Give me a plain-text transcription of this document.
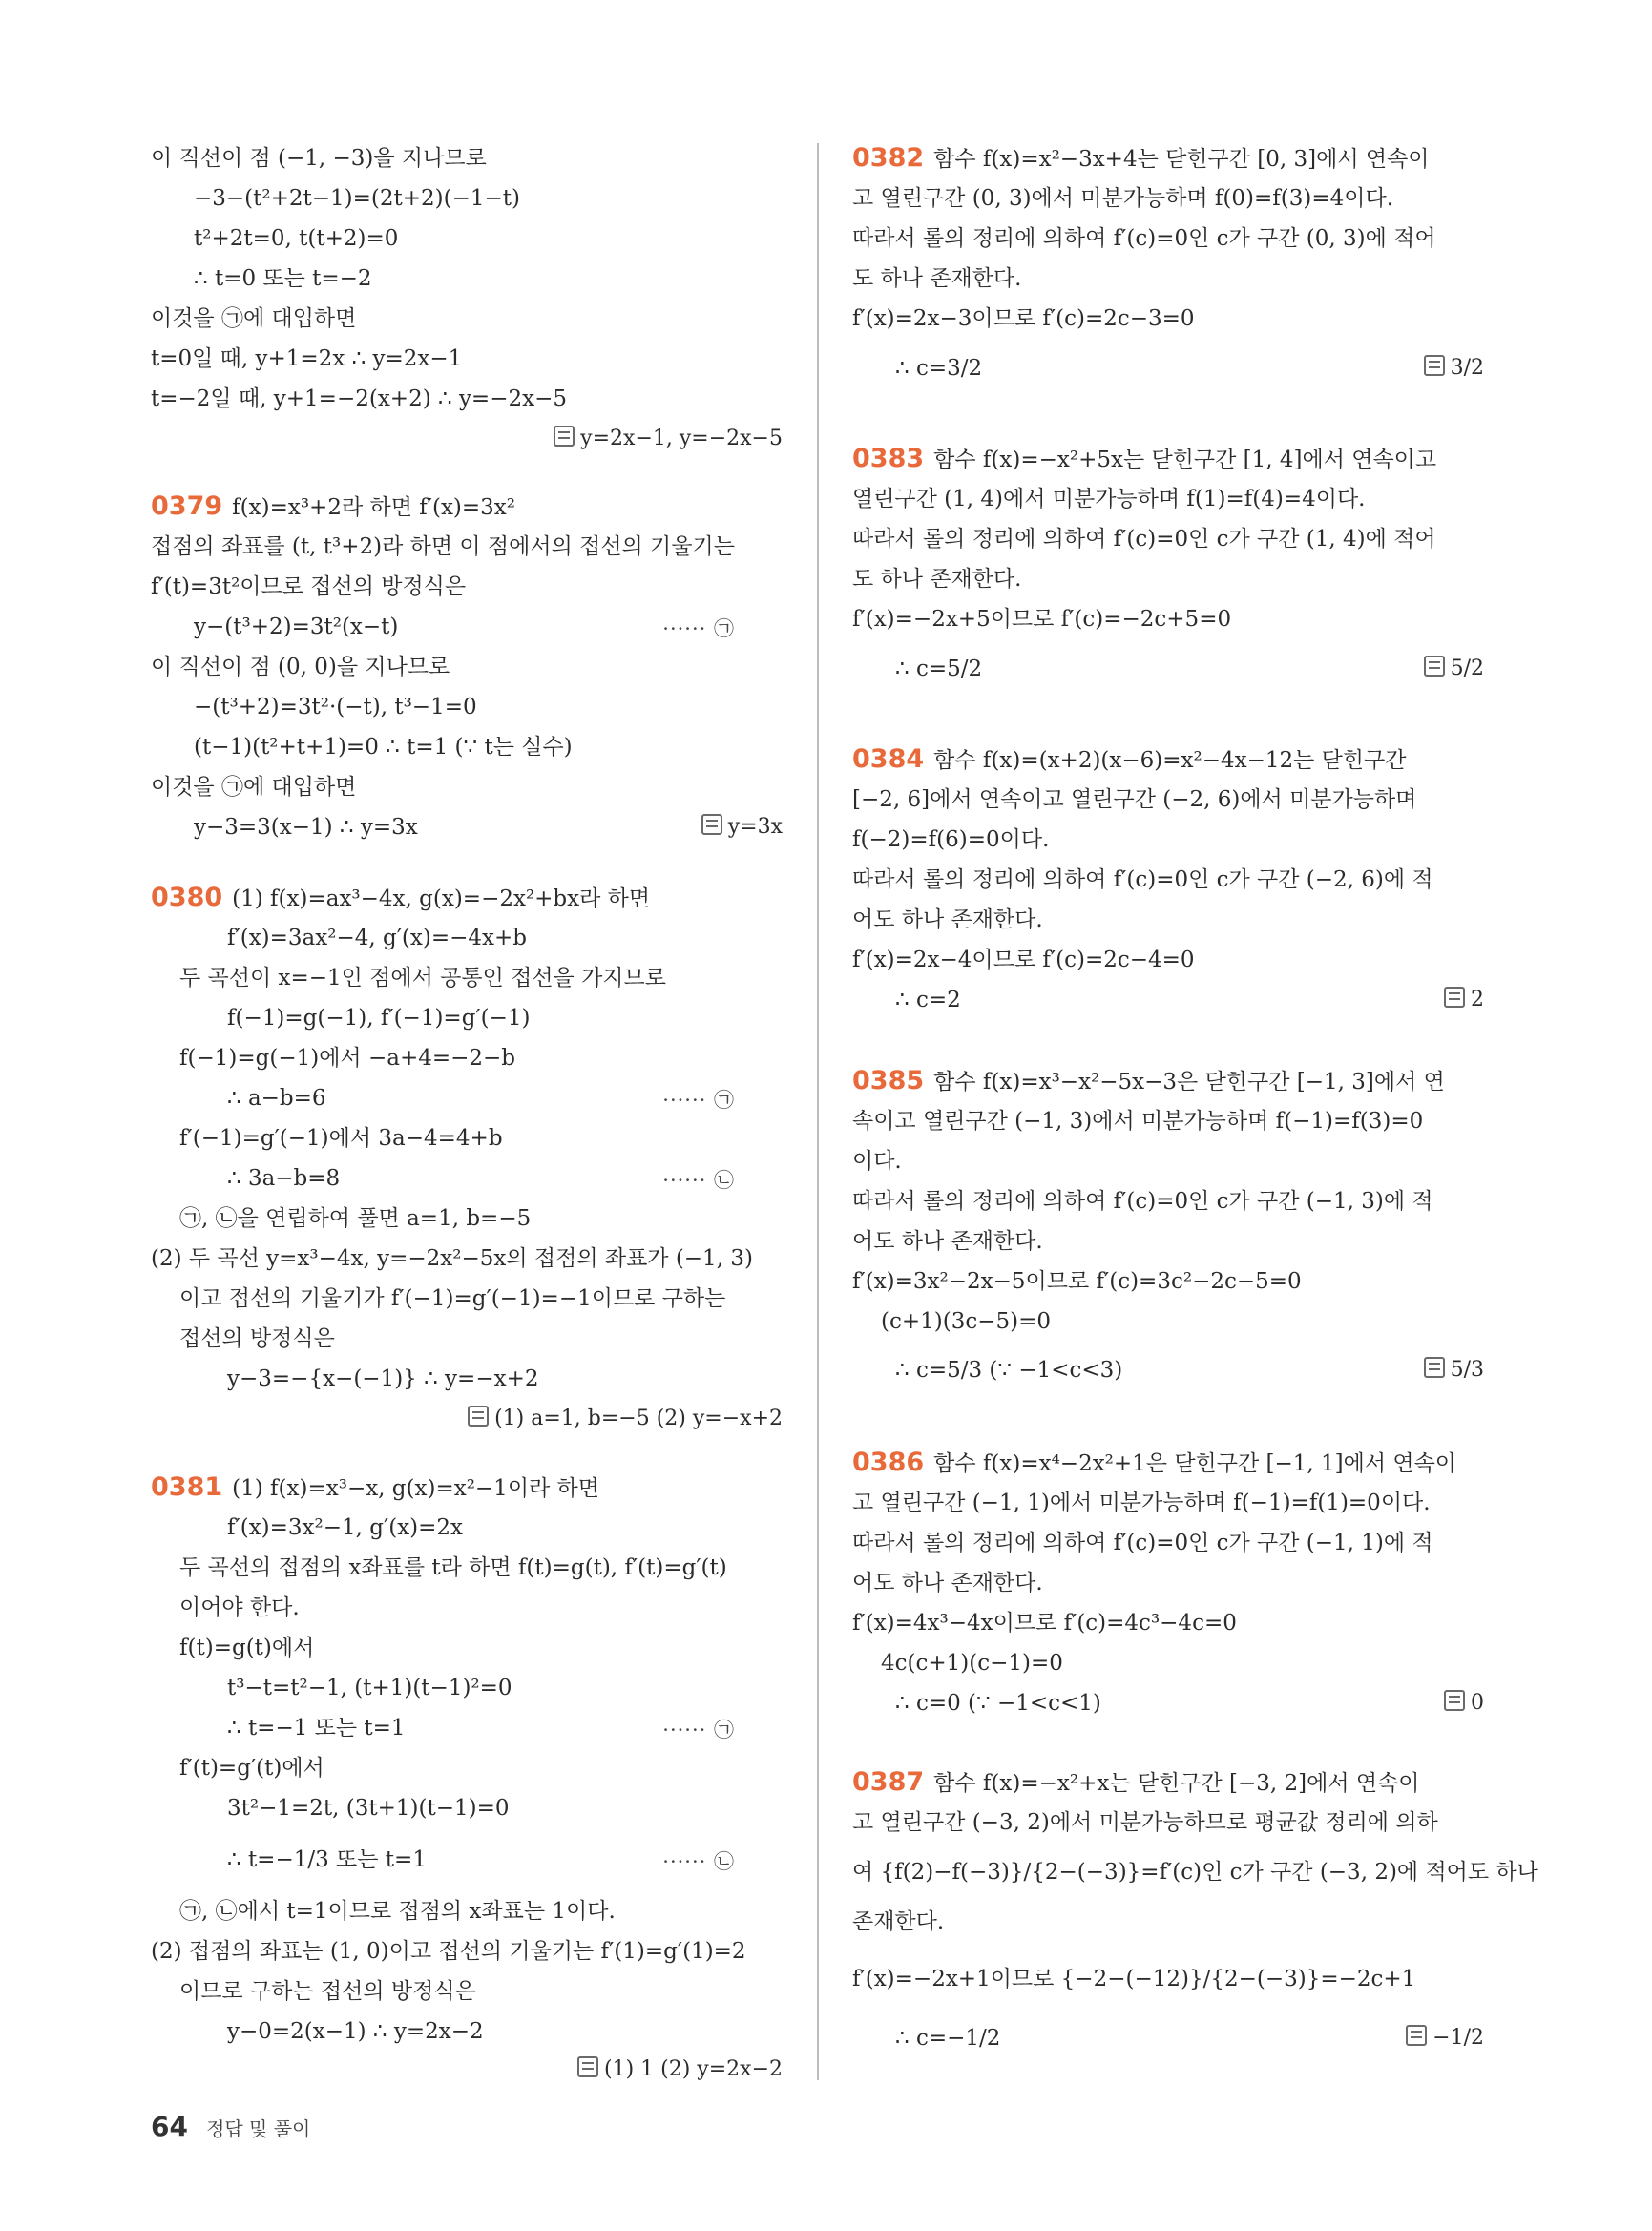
이 직선이 점 (−1, −3)을 지나므로
−3−(t²+2t−1)=(2t+2)(−1−t)
t²+2t=0, t(t+2)=0
∴ t=0 또는 t=−2
이것을 ㉠에 대입하면
t=0일 때, y+1=2x ∴ y=2x−1
t=−2일 때, y+1=−2(x+2) ∴ y=−2x−5
y=2x−1, y=−2x−5
0379 f(x)=x³+2라 하면 f′(x)=3x²
접점의 좌표를 (t, t³+2)라 하면 이 점에서의 접선의 기울기는
f′(t)=3t²이므로 접선의 방정식은
y−(t³+2)=3t²(x−t)	······ ㉠
이 직선이 점 (0, 0)을 지나므로
−(t³+2)=3t²·(−t), t³−1=0
(t−1)(t²+t+1)=0 ∴ t=1 (∵ t는 실수)
이것을 ㉠에 대입하면
y−3=3(x−1) ∴ y=3x	y=3x
0380 (1) f(x)=ax³−4x, g(x)=−2x²+bx라 하면
f′(x)=3ax²−4, g′(x)=−4x+b
두 곡선이 x=−1인 점에서 공통인 접선을 가지므로
f(−1)=g(−1), f′(−1)=g′(−1)
f(−1)=g(−1)에서 −a+4=−2−b
∴ a−b=6	······ ㉠
f′(−1)=g′(−1)에서 3a−4=4+b
∴ 3a−b=8	······ ㉡
㉠, ㉡을 연립하여 풀면 a=1, b=−5
(2) 두 곡선 y=x³−4x, y=−2x²−5x의 접점의 좌표가 (−1, 3)
이고 접선의 기울기가 f′(−1)=g′(−1)=−1이므로 구하는
접선의 방정식은
y−3=−{x−(−1)} ∴ y=−x+2
(1) a=1, b=−5 (2) y=−x+2
0381 (1) f(x)=x³−x, g(x)=x²−1이라 하면
f′(x)=3x²−1, g′(x)=2x
두 곡선의 접점의 x좌표를 t라 하면 f(t)=g(t), f′(t)=g′(t)
이어야 한다.
f(t)=g(t)에서
t³−t=t²−1, (t+1)(t−1)²=0
∴ t=−1 또는 t=1	······ ㉠
f′(t)=g′(t)에서
3t²−1=2t, (3t+1)(t−1)=0
∴ t=−1/3 또는 t=1	······ ㉡
㉠, ㉡에서 t=1이므로 접점의 x좌표는 1이다.
(2) 접점의 좌표는 (1, 0)이고 접선의 기울기는 f′(1)=g′(1)=2
이므로 구하는 접선의 방정식은
y−0=2(x−1) ∴ y=2x−2
(1) 1 (2) y=2x−2
0382 함수 f(x)=x²−3x+4는 닫힌구간 [0, 3]에서 연속이
고 열린구간 (0, 3)에서 미분가능하며 f(0)=f(3)=4이다.
따라서 롤의 정리에 의하여 f′(c)=0인 c가 구간 (0, 3)에 적어
도 하나 존재한다.
f′(x)=2x−3이므로 f′(c)=2c−3=0
∴ c=3/2	3/2
0383 함수 f(x)=−x²+5x는 닫힌구간 [1, 4]에서 연속이고
열린구간 (1, 4)에서 미분가능하며 f(1)=f(4)=4이다.
따라서 롤의 정리에 의하여 f′(c)=0인 c가 구간 (1, 4)에 적어
도 하나 존재한다.
f′(x)=−2x+5이므로 f′(c)=−2c+5=0
∴ c=5/2	5/2
0384 함수 f(x)=(x+2)(x−6)=x²−4x−12는 닫힌구간
[−2, 6]에서 연속이고 열린구간 (−2, 6)에서 미분가능하며
f(−2)=f(6)=0이다.
따라서 롤의 정리에 의하여 f′(c)=0인 c가 구간 (−2, 6)에 적
어도 하나 존재한다.
f′(x)=2x−4이므로 f′(c)=2c−4=0
∴ c=2	2
0385 함수 f(x)=x³−x²−5x−3은 닫힌구간 [−1, 3]에서 연
속이고 열린구간 (−1, 3)에서 미분가능하며 f(−1)=f(3)=0
이다.
따라서 롤의 정리에 의하여 f′(c)=0인 c가 구간 (−1, 3)에 적
어도 하나 존재한다.
f′(x)=3x²−2x−5이므로 f′(c)=3c²−2c−5=0
(c+1)(3c−5)=0
∴ c=5/3 (∵ −1<c<3)	5/3
0386 함수 f(x)=x⁴−2x²+1은 닫힌구간 [−1, 1]에서 연속이
고 열린구간 (−1, 1)에서 미분가능하며 f(−1)=f(1)=0이다.
따라서 롤의 정리에 의하여 f′(c)=0인 c가 구간 (−1, 1)에 적
어도 하나 존재한다.
f′(x)=4x³−4x이므로 f′(c)=4c³−4c=0
4c(c+1)(c−1)=0
∴ c=0 (∵ −1<c<1)	0
0387 함수 f(x)=−x²+x는 닫힌구간 [−3, 2]에서 연속이
고 열린구간 (−3, 2)에서 미분가능하므로 평균값 정리에 의하
여 {f(2)−f(−3)}/{2−(−3)}=f′(c)인 c가 구간 (−3, 2)에 적어도 하나
존재한다.
f′(x)=−2x+1이므로 {−2−(−12)}/{2−(−3)}=−2c+1
∴ c=−1/2	−1/2
64 정답 및 풀이
